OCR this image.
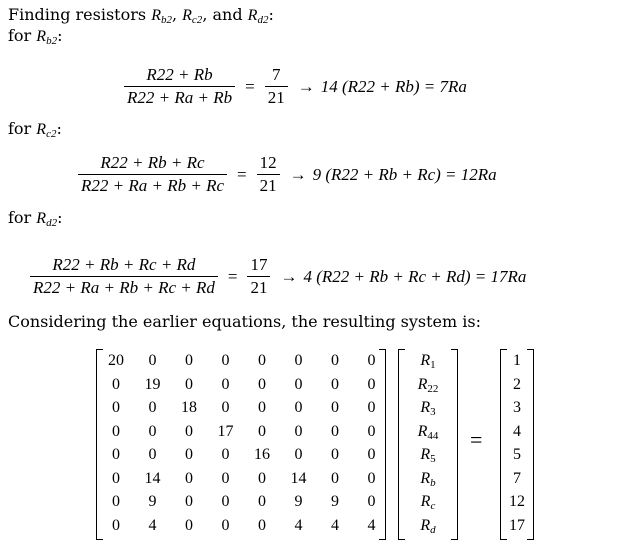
Finding resistors $R_{b2}$, $R_{c2}$, and $R_{d2}$:
for $R_{b2}$:
$\frac{R22 + Rb}{R22 + Ra + Rb} = \frac{7}{21} \to 14$ (R22 + Rb) = 7Ra
for $R_{c2}$:
$\frac{R22 + Rb + Rc}{R22 + Ra + Rb + Rc} = \frac{12}{21} \to 9$ (R22 + Rb + Rc) = 12Ra
for $R_{d2}$:
$\frac{R22 + Rb + Rc + Rd}{R22 + Ra + Rb + Rc + Rd} = \frac{17}{21} \to 4$ (R22 + Rb + Rc + Rd) = 17Ra
Considering the earlier equations, the resulting system is:
20	0	0	0	0	0	0	0
0	19	0	0	0	0	0	0
0	0	18	0	0	0	0	0
0	0	0	17	0	0	0	0
0	0	0	0	16	0	0	0
0	14	0	0	0	14	0	0
0	9	0	0	0	9	9	0
0	4	0	0	0	4	4	4
$R_1$
$R_{22}$
$R_3$
$R_{44}$
$R_5$
$R_b$
$R_c$
$R_d$
=
1
2
3
4
5
7
12
17
